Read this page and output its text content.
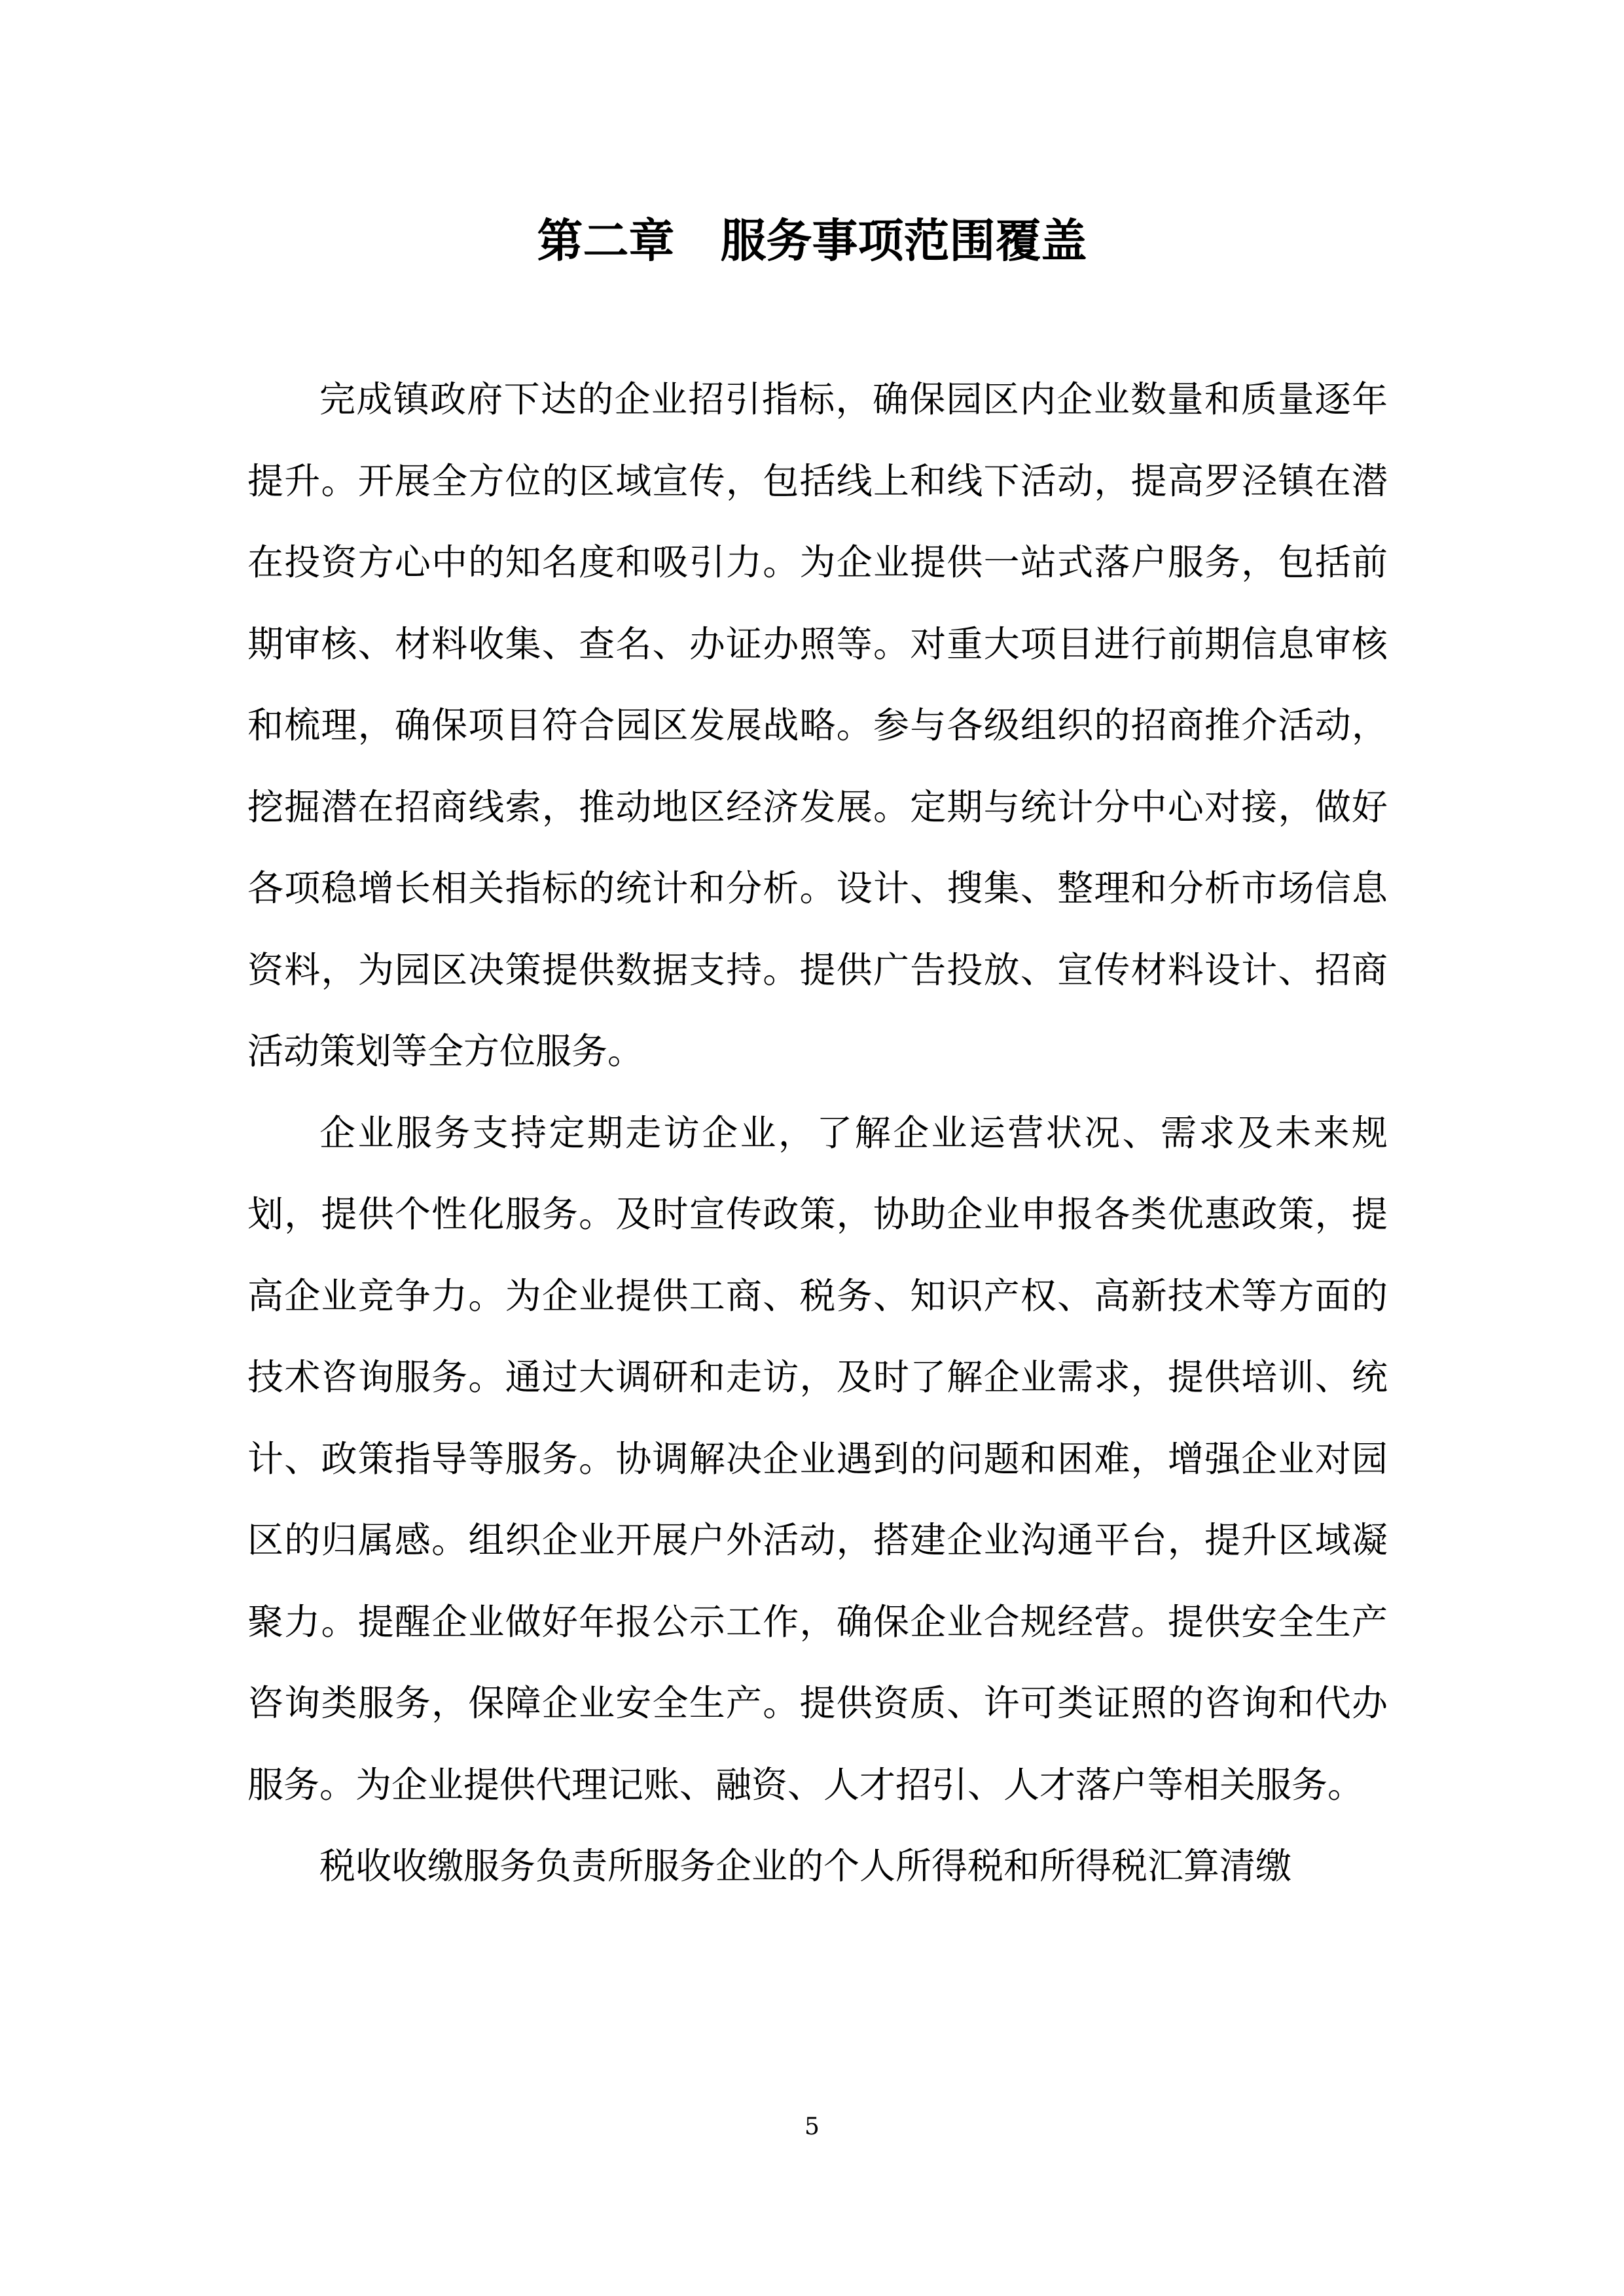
第二章　服务事项范围覆盖

完成镇政府下达的企业招引指标，确保园区内企业数量和质量逐年提升。开展全方位的区域宣传，包括线上和线下活动，提高罗泾镇在潜在投资方心中的知名度和吸引力。为企业提供一站式落户服务，包括前期审核、材料收集、查名、办证办照等。对重大项目进行前期信息审核和梳理，确保项目符合园区发展战略。参与各级组织的招商推介活动，挖掘潜在招商线索，推动地区经济发展。定期与统计分中心对接，做好各项稳增长相关指标的统计和分析。设计、搜集、整理和分析市场信息资料，为园区决策提供数据支持。提供广告投放、宣传材料设计、招商活动策划等全方位服务。

企业服务支持定期走访企业，了解企业运营状况、需求及未来规划，提供个性化服务。及时宣传政策，协助企业申报各类优惠政策，提高企业竞争力。为企业提供工商、税务、知识产权、高新技术等方面的技术咨询服务。通过大调研和走访，及时了解企业需求，提供培训、统计、政策指导等服务。协调解决企业遇到的问题和困难，增强企业对园区的归属感。组织企业开展户外活动，搭建企业沟通平台，提升区域凝聚力。提醒企业做好年报公示工作，确保企业合规经营。提供安全生产咨询类服务，保障企业安全生产。提供资质、许可类证照的咨询和代办服务。为企业提供代理记账、融资、人才招引、人才落户等相关服务。

税收收缴服务负责所服务企业的个人所得税和所得税汇算清缴

5
